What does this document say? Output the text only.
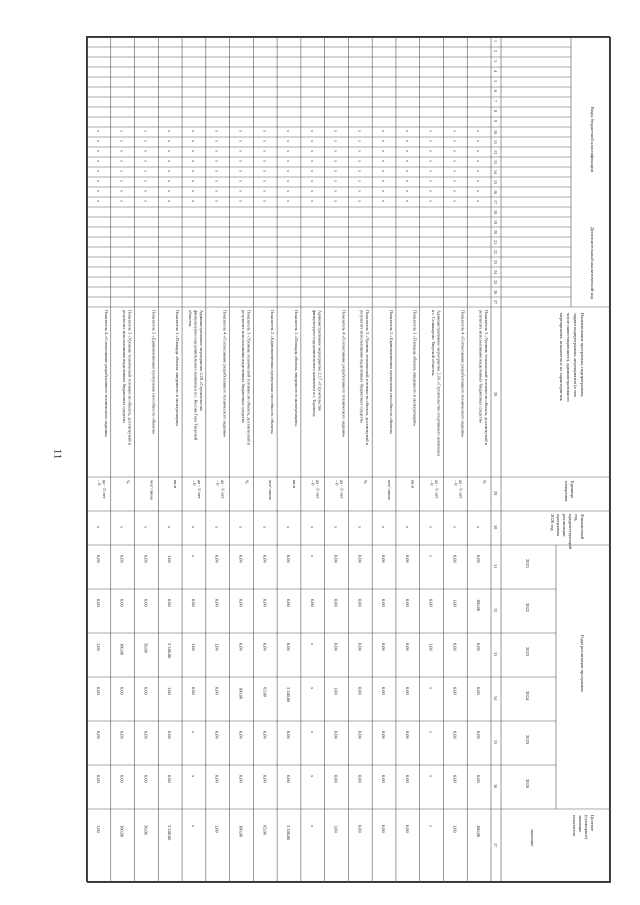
11
Коды бюджетной классификации
Дополнительный аналитический код
Наименование программы, подпрограммы,задачи подпрограммы, мероприятия (в томчисле инвестиционного), административногомероприятия, показателя и их характеристик
Единицаизмерения
Финансовыйгод,предшествующийреализациипрограммы2020 год
Годы реализации программы
Целевое(суммарное)значениепоказателя
значение
2021
2022
2023
2024
2025
2026
1
2
3
4
5
6
7
8
9
10
11
12
13
14
15
16
17
18
19
20
21
22
23
24
25
26
27
28
29
30
31
32
33
34
35
36
37
х
х
х
х
х
х
х
х
Показатель 3 «Уровень технической готовности объекта, достигнутый врезультате использования выделенных бюджетных средств»
%
х
0,00
100,00
0,00
0,00
0,00
0,00
100,00
х
х
х
х
х
х
х
х
Показатель 4 «Согласование разработанного технического задания»
да - 1/ нет– 0
х
0,00
1,00
0,00
0,00
0,00
0,00
1,00
х
х
х
х
х
х
х
х
Административное мероприятие 2.16 «Строительство спортивного комплексав г. Селижарово Тверской области»
да - 1/ нет– 0
х
х
0,00
1,00
х
х
х
х
х
х
х
х
х
х
х
х
Показатель 1 «Площадь объекта, введенного в эксплуатацию»
кв.м
х
0,00
0,00
0,00
0,00
0,00
0,00
0,00
х
х
х
х
х
х
х
х
Показатель 2 «Единовременная пропускная способность объекта»
чел/ смена
х
0,00
0,00
0,00
0,00
0,00
0,00
0,00
х
х
х
х
х
х
х
х
Показатель 3 «Уровень технической готовности объекта, достигнутый врезультате использования выделенных бюджетных средств»
%
х
0,00
0,00
0,00
0,00
0,00
0,00
0,00
х
х
х
х
х
х
х
х
Показатель 4 «Согласование разработанного технического задания»
да - 1/ нет– 0
х
0,00
0,00
0,00
1,00
0,00
0,00
1,00
х
х
х
х
х
х
х
х
Административное мероприятие 2.17 «Строительствофизкультурно-оздоровительного комплекса в г. Торопец»
да - 1/ нет– 0
х
х
0,00
х
х
х
х
х
х
х
х
х
х
х
х
х
Показатель 1 «Площадь объекта, введенного в эксплуатацию»
кв.м
х
0,00
0,00
0,00
3 540,00
0,00
0,00
3 540,00
х
х
х
х
х
х
х
х
Показатель 2 «Единовременная пропускная способность объекта»
чел/ смена
х
0,00
0,00
0,00
65,00
0,00
0,00
65,00
х
х
х
х
х
х
х
х
Показатель 3 «Уровень технической готовности объекта, достигнутый врезультате использования выделенных бюджетных средств»
%
х
0,00
0,00
0,00
100,00
0,00
0,00
100,00
х
х
х
х
х
х
х
х
Показатель 4 «Согласование разработанного технического задания»
да - 1/ нет– 0
х
0,00
0,00
1,00
0,00
0,00
0,00
1,00
х
х
х
х
х
х
х
х
Административное мероприятие 2.18 «Строительствофизкультурно-оздоровительного комплекса в с. Кесова Гора Тверскойобласти»
да - 1/ нет– 0
х
х
0,00
1,00
0,00
х
х
х
х
х
х
х
х
х
х
х
Показатель 1 «Площадь объекта, введенного в эксплуатацию»
кв.м
х
1,00
0,00
3 540,00
1,00
0,00
0,00
3 540,00
х
х
х
х
х
х
х
х
Показатель 2 «Единовременная пропускная способность объекта»
чел/ смена
х
0,00
0,00
50,00
0,00
0,00
0,00
50,00
х
х
х
х
х
х
х
х
Показатель 3 «Уровень технической готовности объекта, достигнутый врезультате использования выделенных бюджетных средств»
%
х
0,00
0,00
100,00
0,00
0,00
0,00
100,00
х
х
х
х
х
х
х
х
Показатель 4 «Согласование разработанного технического задания»
да - 1/ нет– 0
х
0,00
0,00
1,00
0,00
0,00
0,00
1,00
